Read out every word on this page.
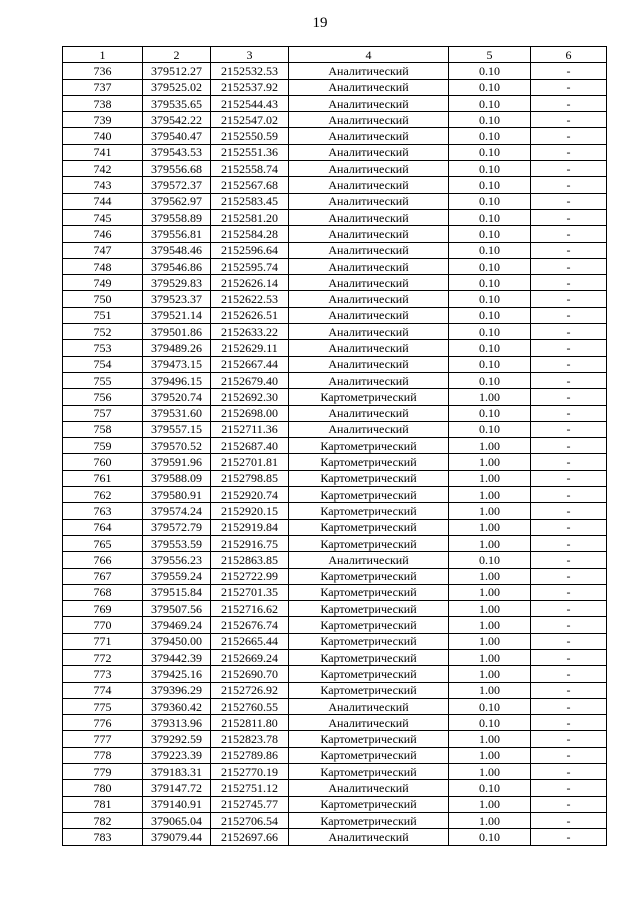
19
1	2	3	4	5	6
736	379512.27	2152532.53	Аналитический	0.10	-
737	379525.02	2152537.92	Аналитический	0.10	-
738	379535.65	2152544.43	Аналитический	0.10	-
739	379542.22	2152547.02	Аналитический	0.10	-
740	379540.47	2152550.59	Аналитический	0.10	-
741	379543.53	2152551.36	Аналитический	0.10	-
742	379556.68	2152558.74	Аналитический	0.10	-
743	379572.37	2152567.68	Аналитический	0.10	-
744	379562.97	2152583.45	Аналитический	0.10	-
745	379558.89	2152581.20	Аналитический	0.10	-
746	379556.81	2152584.28	Аналитический	0.10	-
747	379548.46	2152596.64	Аналитический	0.10	-
748	379546.86	2152595.74	Аналитический	0.10	-
749	379529.83	2152626.14	Аналитический	0.10	-
750	379523.37	2152622.53	Аналитический	0.10	-
751	379521.14	2152626.51	Аналитический	0.10	-
752	379501.86	2152633.22	Аналитический	0.10	-
753	379489.26	2152629.11	Аналитический	0.10	-
754	379473.15	2152667.44	Аналитический	0.10	-
755	379496.15	2152679.40	Аналитический	0.10	-
756	379520.74	2152692.30	Картометрический	1.00	-
757	379531.60	2152698.00	Аналитический	0.10	-
758	379557.15	2152711.36	Аналитический	0.10	-
759	379570.52	2152687.40	Картометрический	1.00	-
760	379591.96	2152701.81	Картометрический	1.00	-
761	379588.09	2152798.85	Картометрический	1.00	-
762	379580.91	2152920.74	Картометрический	1.00	-
763	379574.24	2152920.15	Картометрический	1.00	-
764	379572.79	2152919.84	Картометрический	1.00	-
765	379553.59	2152916.75	Картометрический	1.00	-
766	379556.23	2152863.85	Аналитический	0.10	-
767	379559.24	2152722.99	Картометрический	1.00	-
768	379515.84	2152701.35	Картометрический	1.00	-
769	379507.56	2152716.62	Картометрический	1.00	-
770	379469.24	2152676.74	Картометрический	1.00	-
771	379450.00	2152665.44	Картометрический	1.00	-
772	379442.39	2152669.24	Картометрический	1.00	-
773	379425.16	2152690.70	Картометрический	1.00	-
774	379396.29	2152726.92	Картометрический	1.00	-
775	379360.42	2152760.55	Аналитический	0.10	-
776	379313.96	2152811.80	Аналитический	0.10	-
777	379292.59	2152823.78	Картометрический	1.00	-
778	379223.39	2152789.86	Картометрический	1.00	-
779	379183.31	2152770.19	Картометрический	1.00	-
780	379147.72	2152751.12	Аналитический	0.10	-
781	379140.91	2152745.77	Картометрический	1.00	-
782	379065.04	2152706.54	Картометрический	1.00	-
783	379079.44	2152697.66	Аналитический	0.10	-
